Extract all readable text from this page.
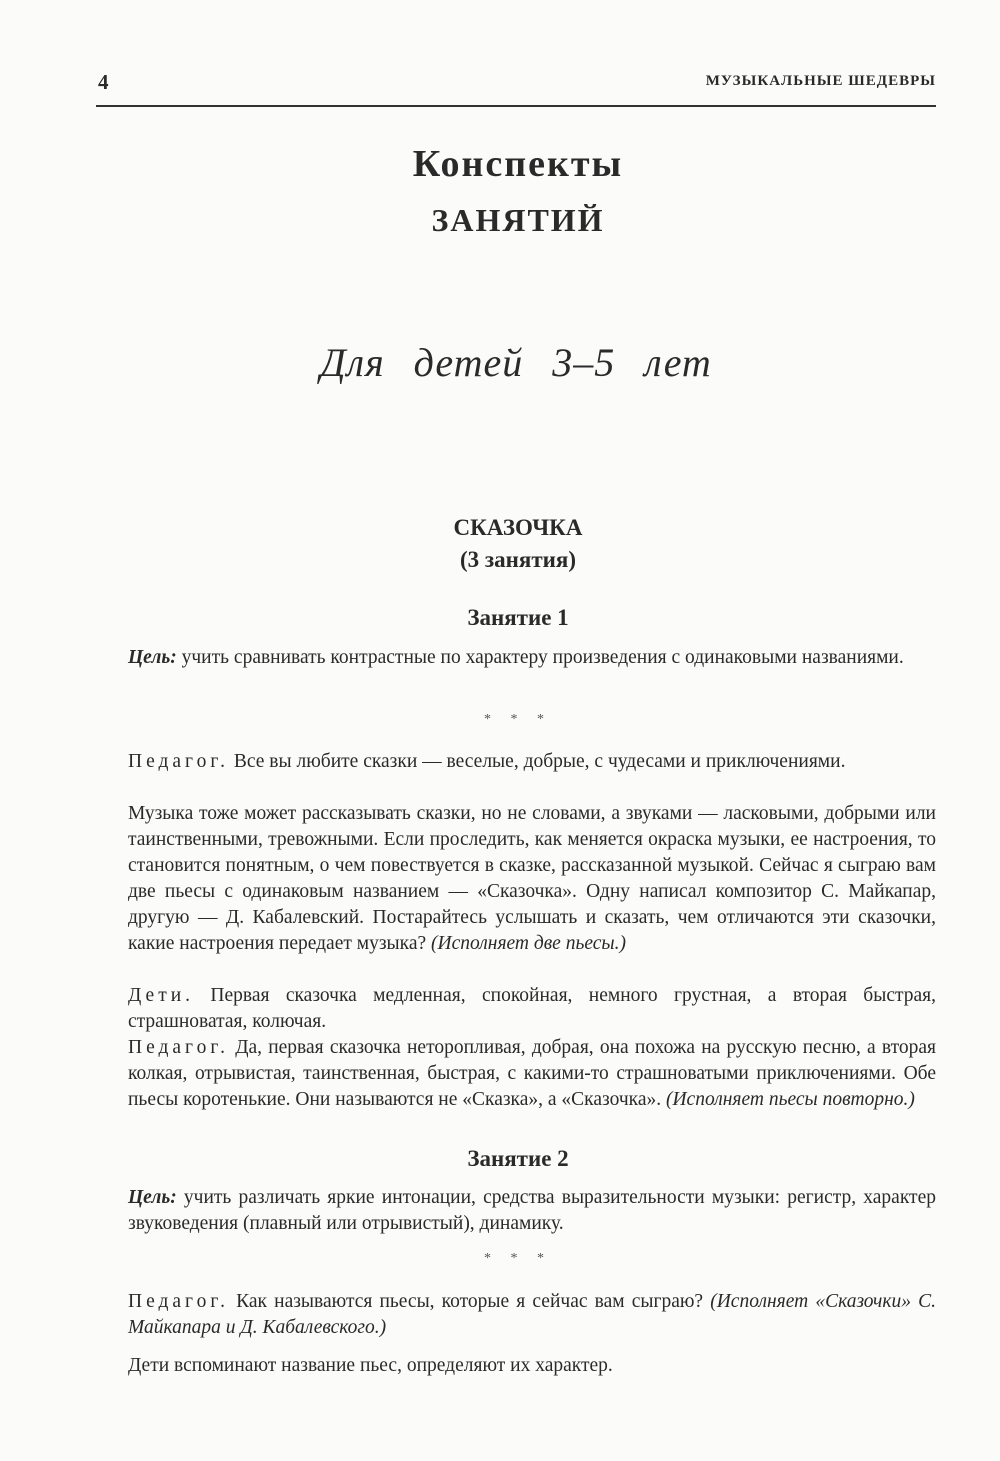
4	МУЗЫКАЛЬНЫЕ ШЕДЕВРЫ
Конспекты
ЗАНЯТИЙ
Для детей 3–5 лет
СКАЗОЧКА
(3 занятия)
Занятие 1

Цель: учить сравнивать контрастные по характеру произведения с одинаковыми названиями.

* * *

Педагог. Все вы любите сказки — веселые, добрые, с чудесами и приключениями.

Музыка тоже может рассказывать сказки, но не словами, а звуками — ласковыми, добрыми или таинственными, тревожными. Если проследить, как меняется окраска музыки, ее настроения, то становится понятным, о чем повествуется в сказке, рассказанной музыкой. Сейчас я сыграю вам две пьесы с одинаковым названием — «Сказочка». Одну написал композитор С. Майкапар, другую — Д. Кабалевский. Постарайтесь услышать и сказать, чем отличаются эти сказочки, какие настроения передает музыка? (Исполняет две пьесы.)

Дети. Первая сказочка медленная, спокойная, немного грустная, а вторая быстрая, страшноватая, колючая.

Педагог. Да, первая сказочка неторопливая, добрая, она похожа на русскую песню, а вторая колкая, отрывистая, таинственная, быстрая, с какими-то страшноватыми приключениями. Обе пьесы коротенькие. Они называются не «Сказка», а «Сказочка». (Исполняет пьесы повторно.)

Занятие 2

Цель: учить различать яркие интонации, средства выразительности музыки: регистр, характер звуковедения (плавный или отрывистый), динамику.

* * *

Педагог. Как называются пьесы, которые я сейчас вам сыграю? (Исполняет «Сказочки» С. Майкапара и Д. Кабалевского.)

Дети вспоминают название пьес, определяют их характер.
